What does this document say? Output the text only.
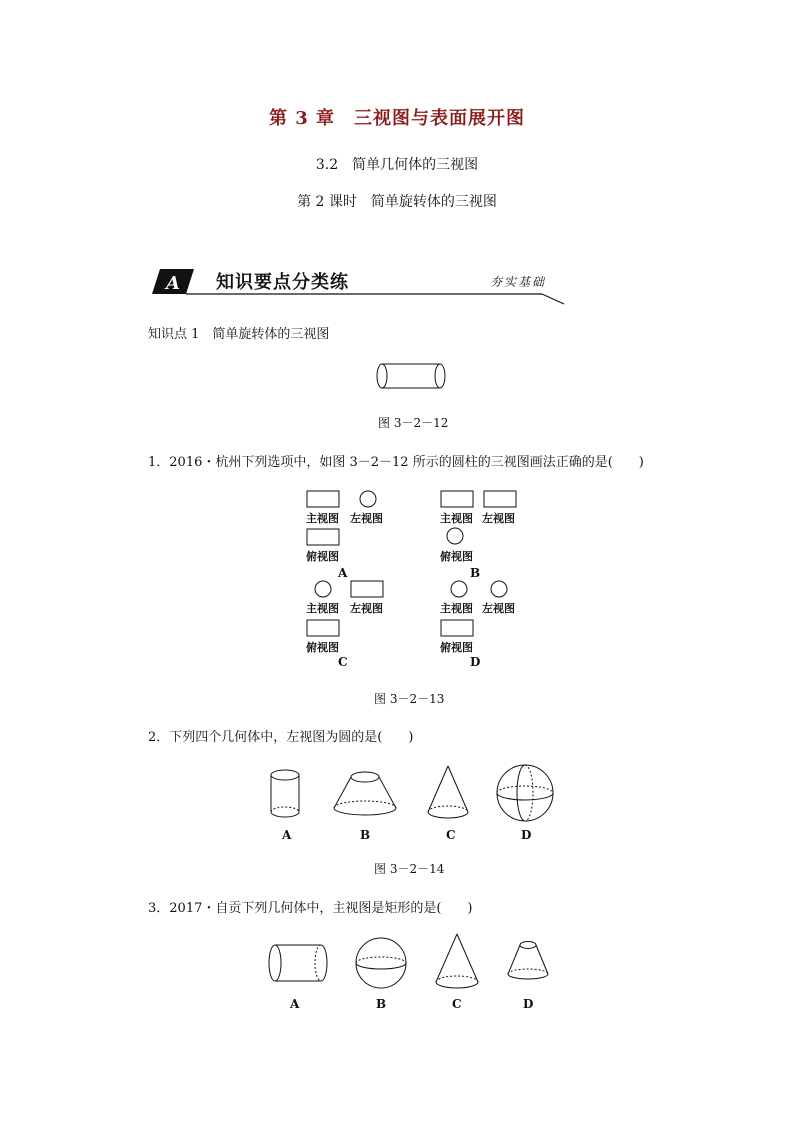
第 3 章　三视图与表面展开图
3.2　简单几何体的三视图
第 2 课时　简单旋转体的三视图
A 知识要点分类练	夯实基础
知识点 1　简单旋转体的三视图
图 3－2－12
1．2016・杭州下列选项中，如图 3－2－12 所示的圆柱的三视图画法正确的是(　　)
主视图 左视图
俯视图
A
主视图 左视图
俯视图
B
主视图 左视图
俯视图
C
主视图 左视图
俯视图
D
图 3－2－13
2．下列四个几何体中，左视图为圆的是(　　)
A	B	C	D
图 3－2－14
3．2017・自贡下列几何体中，主视图是矩形的是(　　)
A	B	C	D
